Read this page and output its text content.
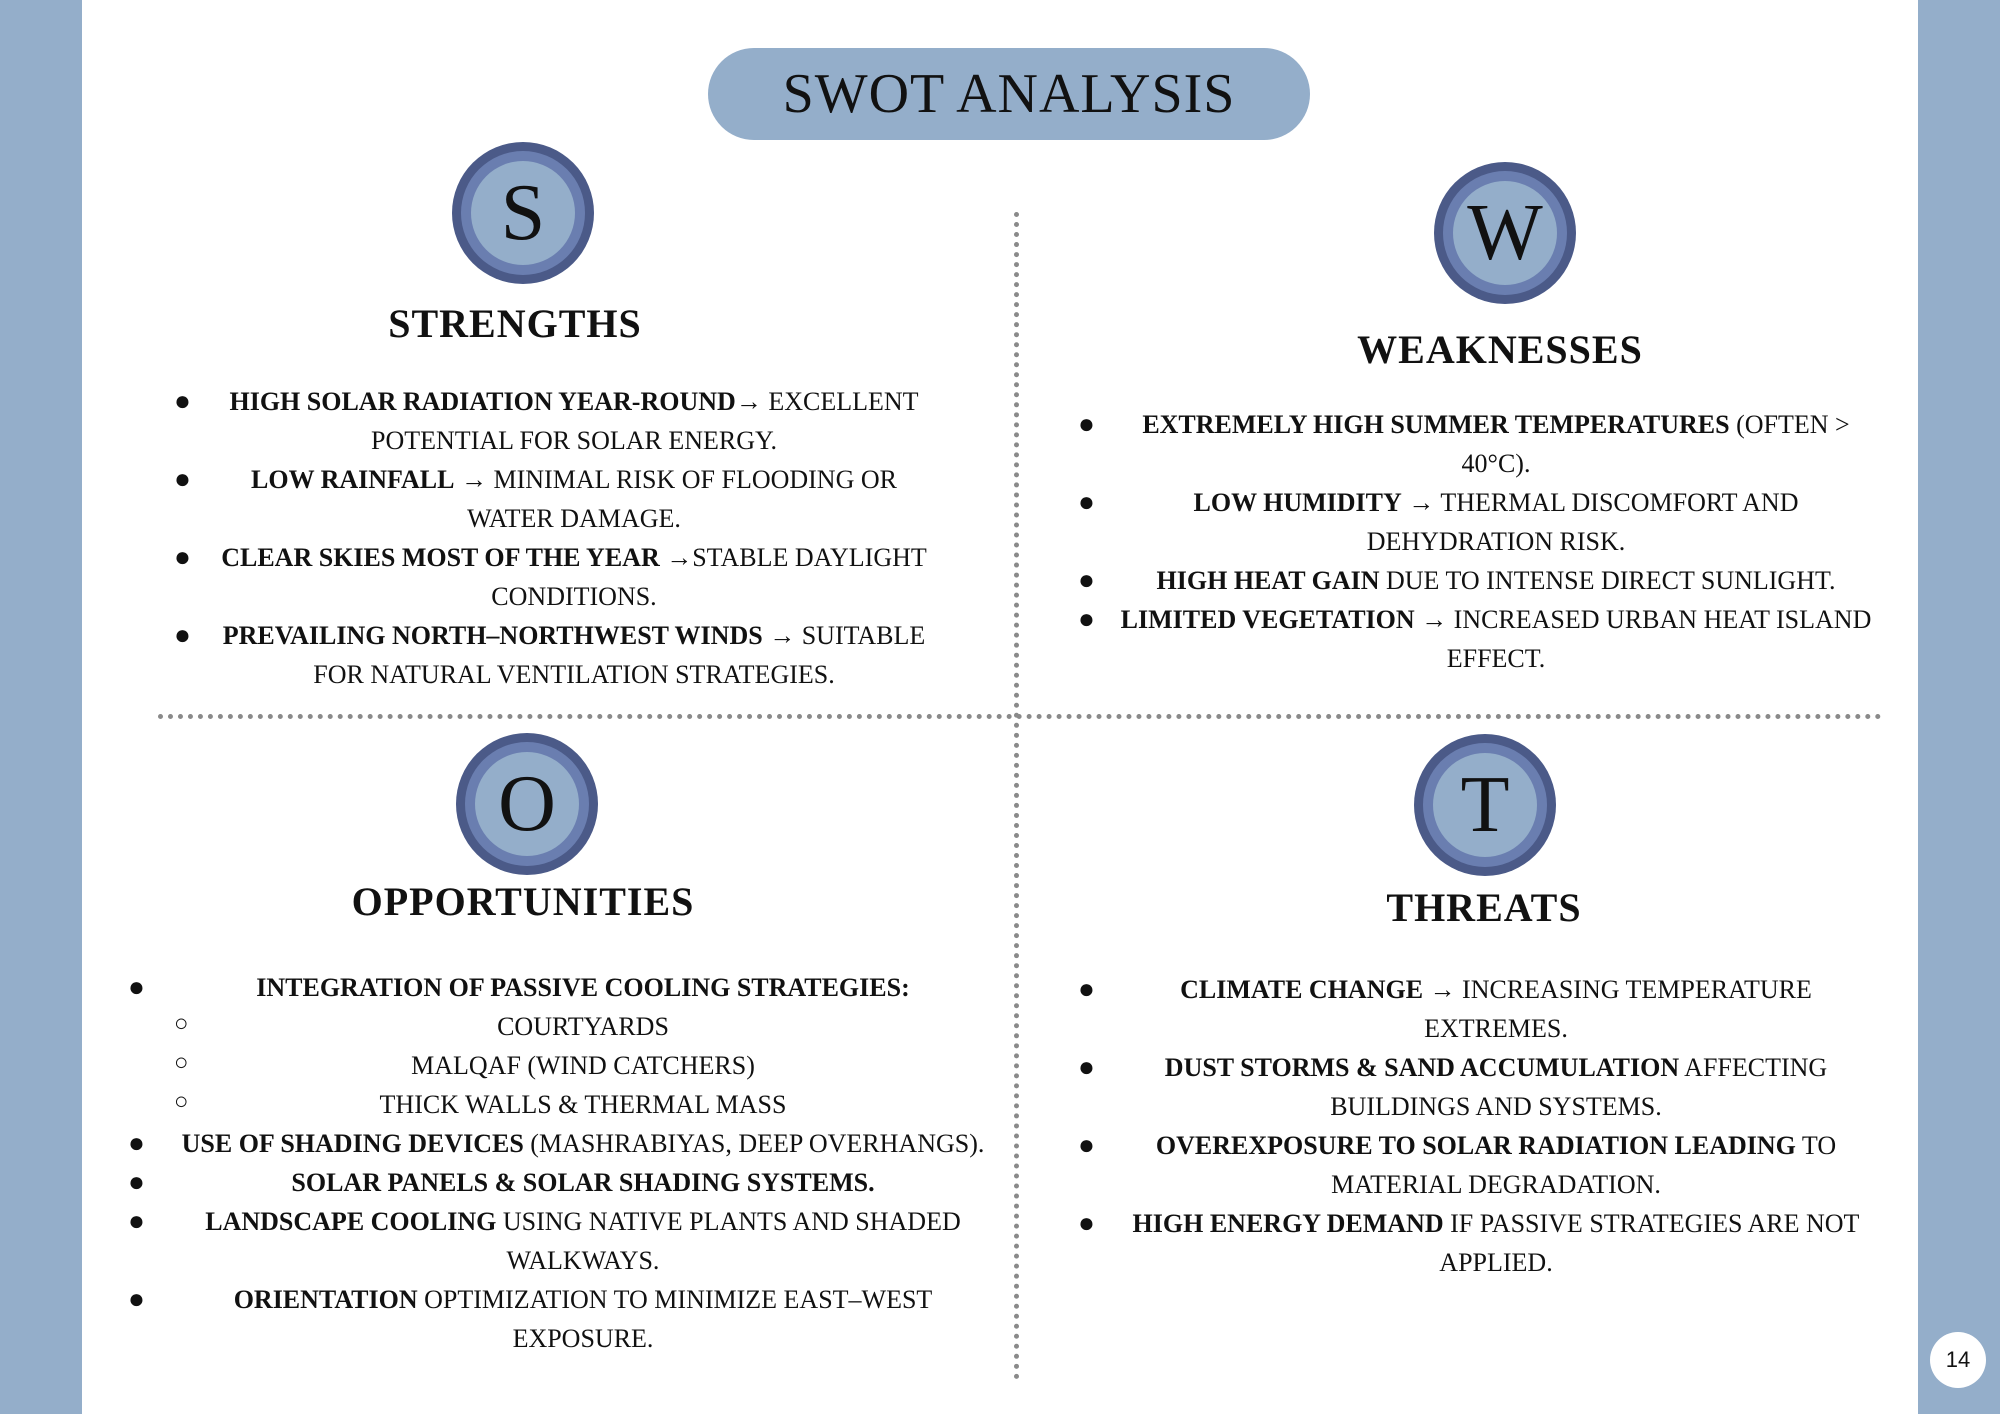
SWOT ANALYSIS
S
STRENGTHS
● HIGH SOLAR RADIATION YEAR-ROUND→ EXCELLENT
POTENTIAL FOR SOLAR ENERGY.
● LOW RAINFALL → MINIMAL RISK OF FLOODING OR
WATER DAMAGE.
● CLEAR SKIES MOST OF THE YEAR →STABLE DAYLIGHT
CONDITIONS.
● PREVAILING NORTH–NORTHWEST WINDS → SUITABLE
FOR NATURAL VENTILATION STRATEGIES.
W
WEAKNESSES
● EXTREMELY HIGH SUMMER TEMPERATURES (OFTEN >
40°C).
●	LOW HUMIDITY → THERMAL DISCOMFORT AND
DEHYDRATION RISK.
● HIGH HEAT GAIN DUE TO INTENSE DIRECT SUNLIGHT.
● LIMITED VEGETATION → INCREASED URBAN HEAT ISLAND
EFFECT.
O
OPPORTUNITIES
●	INTEGRATION OF PASSIVE COOLING STRATEGIES:
○	COURTYARDS
○	MALQAF (WIND CATCHERS)
○	THICK WALLS & THERMAL MASS
● USE OF SHADING DEVICES (MASHRABIYAS, DEEP OVERHANGS).
●	SOLAR PANELS & SOLAR SHADING SYSTEMS.
● LANDSCAPE COOLING USING NATIVE PLANTS AND SHADED
WALKWAYS.
●	ORIENTATION OPTIMIZATION TO MINIMIZE EAST–WEST
EXPOSURE.
T
THREATS
●	CLIMATE CHANGE → INCREASING TEMPERATURE
EXTREMES.
●	DUST STORMS & SAND ACCUMULATION AFFECTING
BUILDINGS AND SYSTEMS.
● OVEREXPOSURE TO SOLAR RADIATION LEADING TO
MATERIAL DEGRADATION.
● HIGH ENERGY DEMAND IF PASSIVE STRATEGIES ARE NOT
APPLIED.
14
